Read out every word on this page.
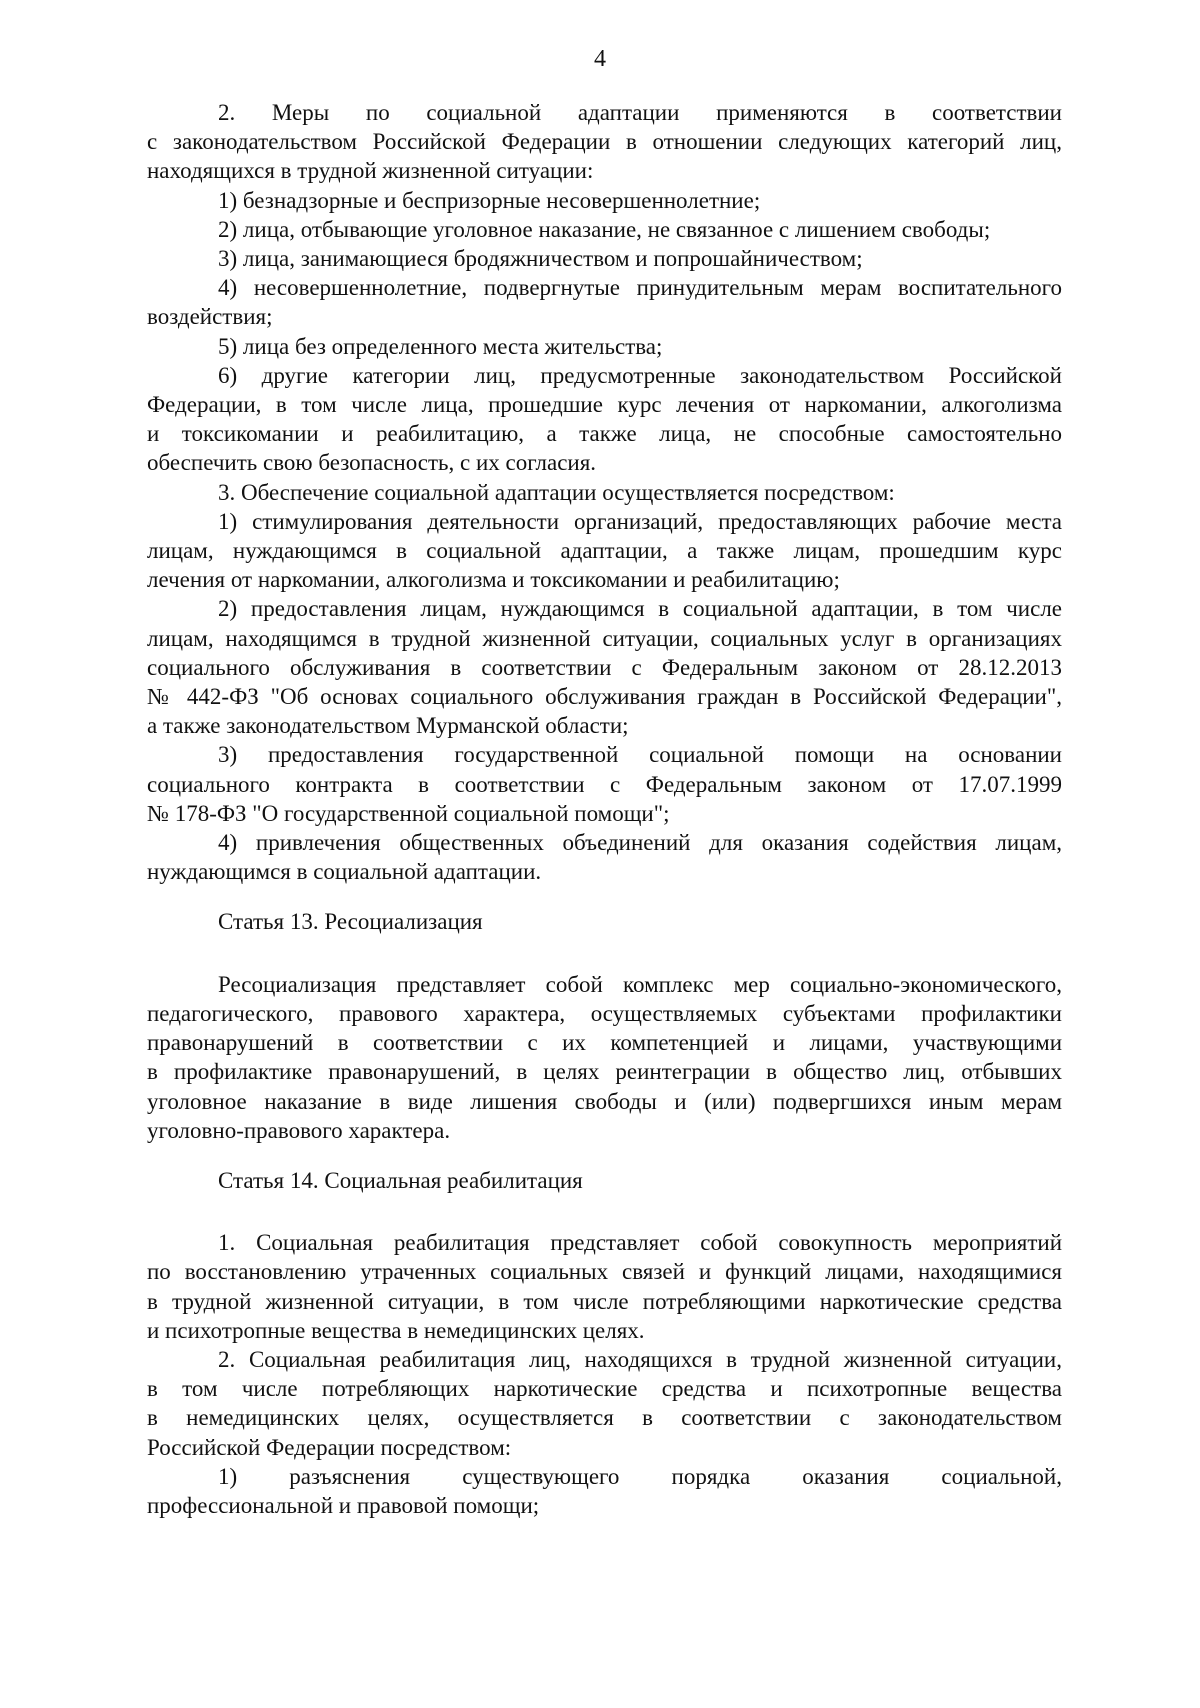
4
2. Меры по социальной адаптации применяются в соответствии
с законодательством Российской Федерации в отношении следующих категорий лиц,
находящихся в трудной жизненной ситуации:
1) безнадзорные и беспризорные несовершеннолетние;
2) лица, отбывающие уголовное наказание, не связанное с лишением свободы;
3) лица, занимающиеся бродяжничеством и попрошайничеством;
4) несовершеннолетние, подвергнутые принудительным мерам воспитательного
воздействия;
5) лица без определенного места жительства;
6) другие категории лиц, предусмотренные законодательством Российской
Федерации, в том числе лица, прошедшие курс лечения от наркомании, алкоголизма
и токсикомании и реабилитацию, а также лица, не способные самостоятельно
обеспечить свою безопасность, с их согласия.
3. Обеспечение социальной адаптации осуществляется посредством:
1) стимулирования деятельности организаций, предоставляющих рабочие места
лицам, нуждающимся в социальной адаптации, а также лицам, прошедшим курс
лечения от наркомании, алкоголизма и токсикомании и реабилитацию;
2) предоставления лицам, нуждающимся в социальной адаптации, в том числе
лицам, находящимся в трудной жизненной ситуации, социальных услуг в организациях
социального обслуживания в соответствии с Федеральным законом от 28.12.2013
№ 442-ФЗ "Об основах социального обслуживания граждан в Российской Федерации",
а также законодательством Мурманской области;
3) предоставления государственной социальной помощи на основании
социального контракта в соответствии с Федеральным законом от 17.07.1999
№ 178-ФЗ "О государственной социальной помощи";
4) привлечения общественных объединений для оказания содействия лицам,
нуждающимся в социальной адаптации.
Статья 13. Ресоциализация
Ресоциализация представляет собой комплекс мер социально-экономического,
педагогического, правового характера, осуществляемых субъектами профилактики
правонарушений в соответствии с их компетенцией и лицами, участвующими
в профилактике правонарушений, в целях реинтеграции в общество лиц, отбывших
уголовное наказание в виде лишения свободы и (или) подвергшихся иным мерам
уголовно-правового характера.
Статья 14. Социальная реабилитация
1. Социальная реабилитация представляет собой совокупность мероприятий
по восстановлению утраченных социальных связей и функций лицами, находящимися
в трудной жизненной ситуации, в том числе потребляющими наркотические средства
и психотропные вещества в немедицинских целях.
2. Социальная реабилитация лиц, находящихся в трудной жизненной ситуации,
в том числе потребляющих наркотические средства и психотропные вещества
в немедицинских целях, осуществляется в соответствии с законодательством
Российской Федерации посредством:
1) разъяснения существующего порядка оказания социальной,
профессиональной и правовой помощи;
